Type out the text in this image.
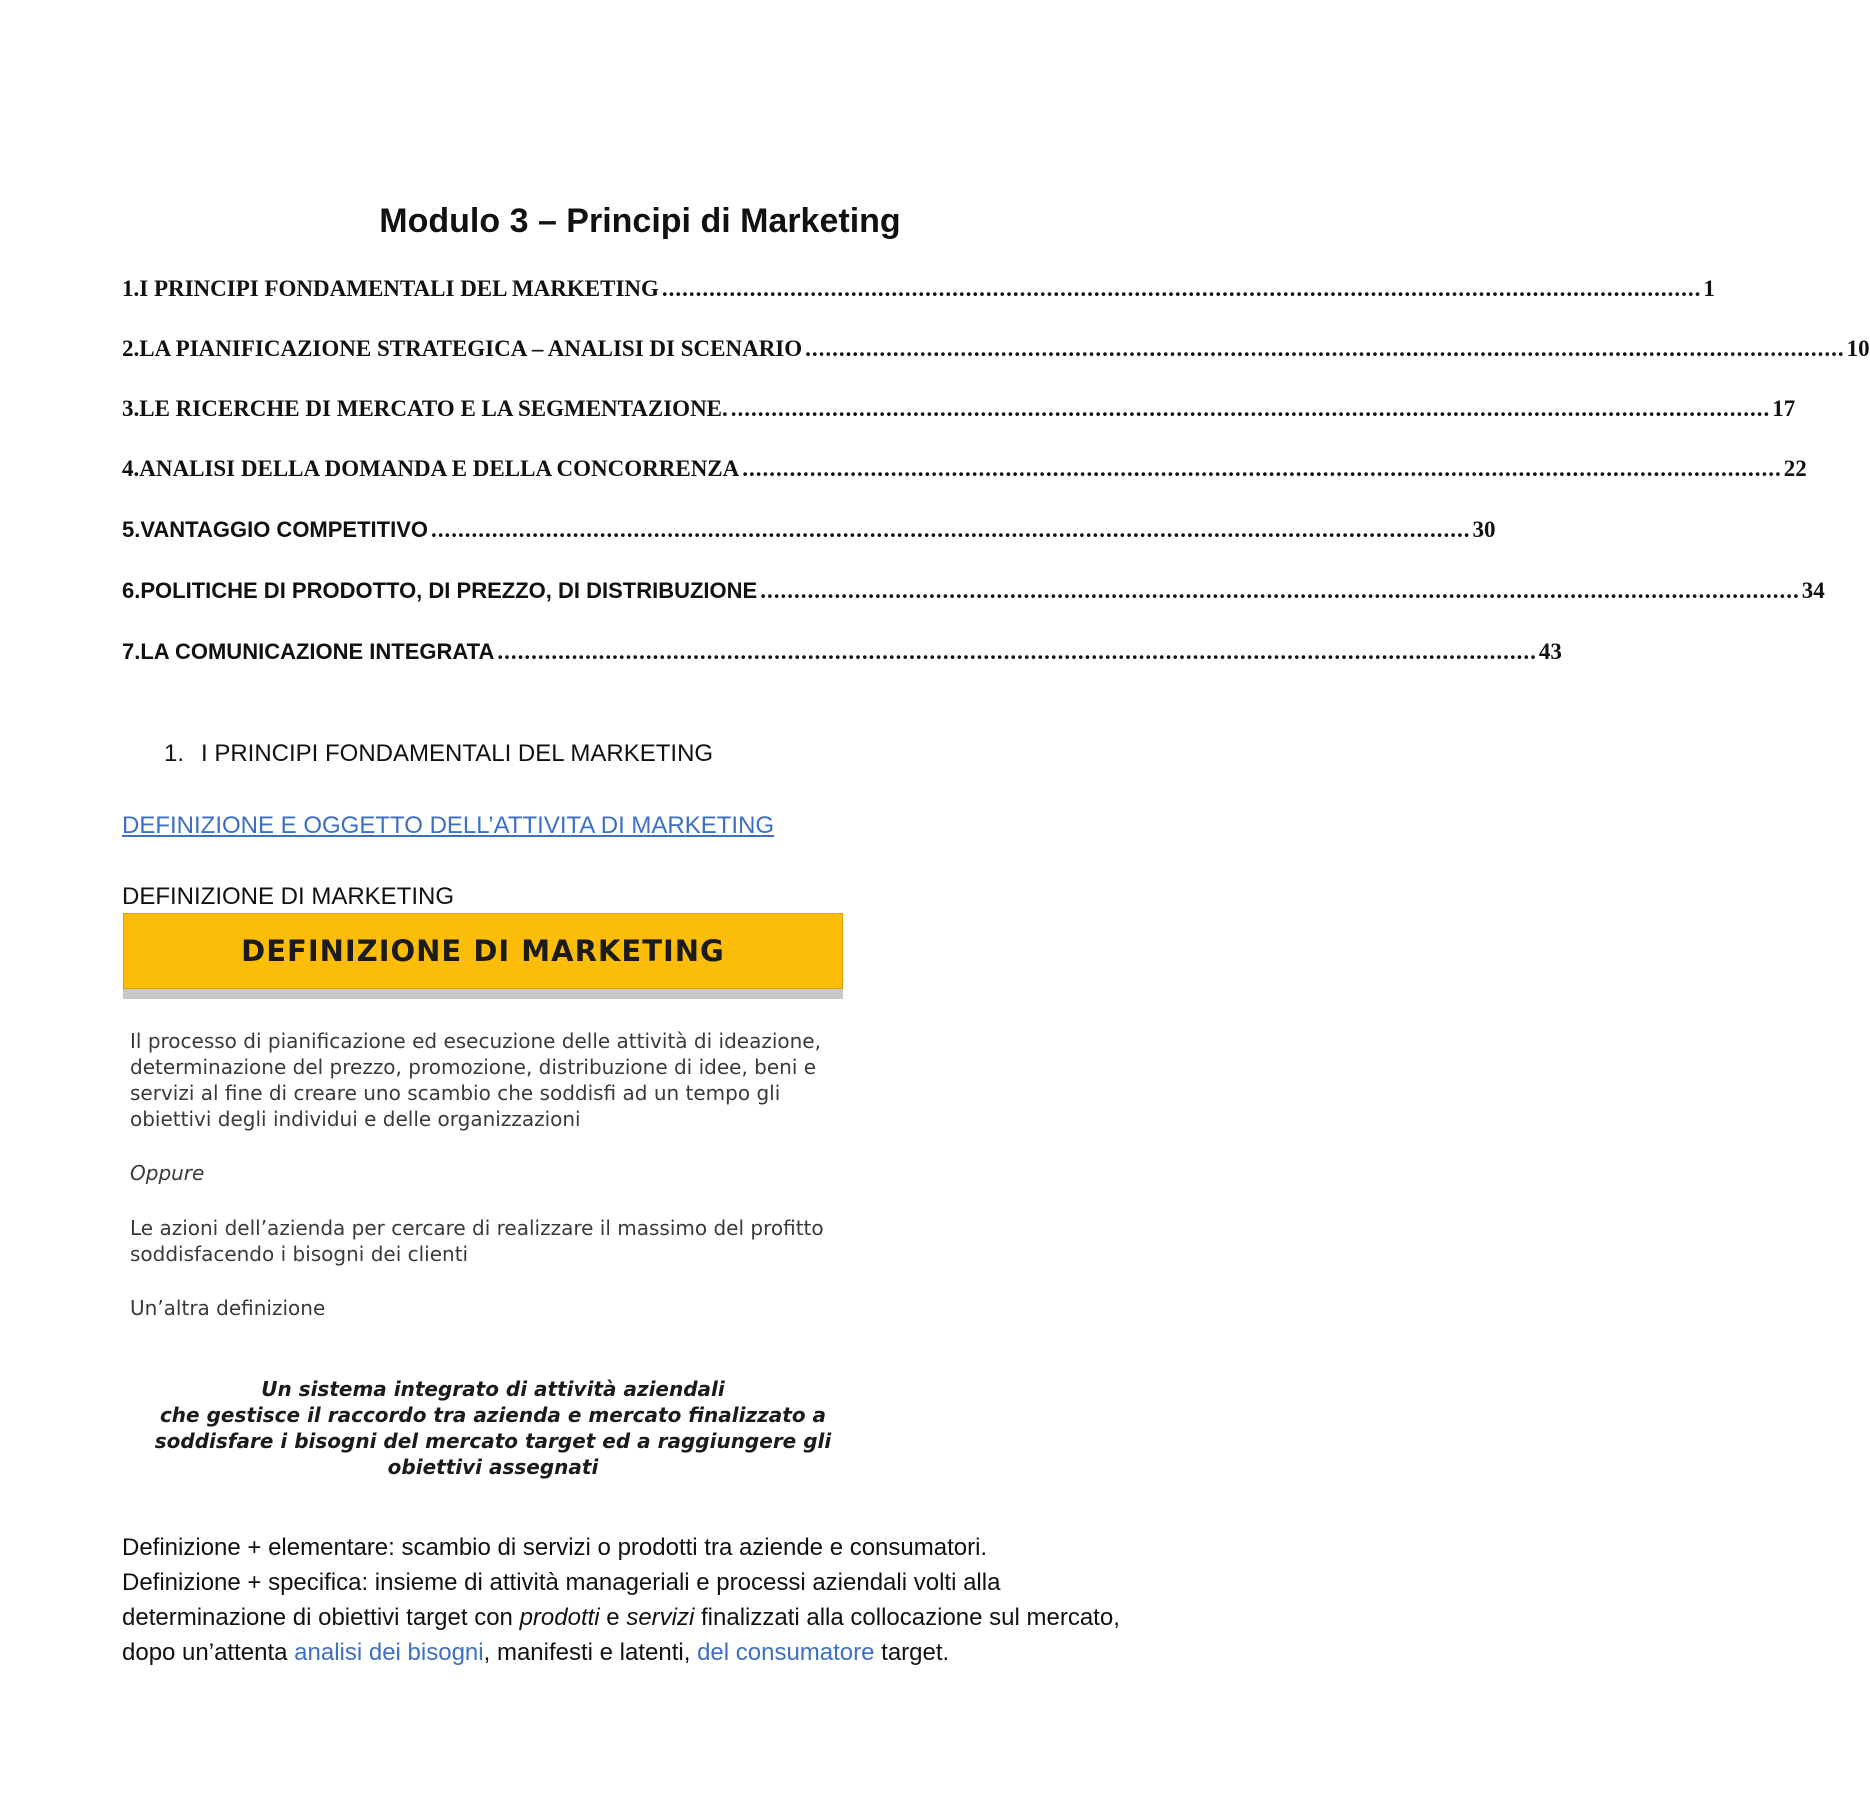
Modulo 3 – Principi di Marketing
1. I PRINCIPI FONDAMENTALI DEL MARKETING .......................................................................................................................................................... 1
2. LA PIANIFICAZIONE STRATEGICA – ANALISI DI SCENARIO .......................................................................................................................................................... 10
3. LE RICERCHE DI MERCATO E LA SEGMENTAZIONE. .......................................................................................................................................................... 17
4. ANALISI DELLA DOMANDA E DELLA CONCORRENZA .......................................................................................................................................................... 22
5. VANTAGGIO COMPETITIVO .......................................................................................................................................................... 30
6. POLITICHE DI PRODOTTO, DI PREZZO, DI DISTRIBUZIONE .......................................................................................................................................................... 34
7. LA COMUNICAZIONE INTEGRATA .......................................................................................................................................................... 43
1. I PRINCIPI FONDAMENTALI DEL MARKETING
DEFINIZIONE E OGGETTO DELL’ATTIVITA DI MARKETING
DEFINIZIONE DI MARKETING
DEFINIZIONE DI MARKETING
Il processo di pianificazione ed esecuzione delle attività di ideazione, determinazione del prezzo, promozione, distribuzione di idee, beni e servizi al fine di creare uno scambio che soddisfi ad un tempo gli obiettivi degli individui e delle organizzazioni
Oppure
Le azioni dell’azienda per cercare di realizzare il massimo del profitto soddisfacendo i bisogni dei clienti
Un’altra definizione
Un sistema integrato di attività aziendali
che gestisce il raccordo tra azienda e mercato finalizzato a
soddisfare i bisogni del mercato target ed a raggiungere gli
obiettivi assegnati
Definizione + elementare: scambio di servizi o prodotti tra aziende e consumatori.
Definizione + specifica: insieme di attività manageriali e processi aziendali volti alla determinazione di obiettivi target con prodotti e servizi finalizzati alla collocazione sul mercato, dopo un’attenta analisi dei bisogni, manifesti e latenti, del consumatore target.
